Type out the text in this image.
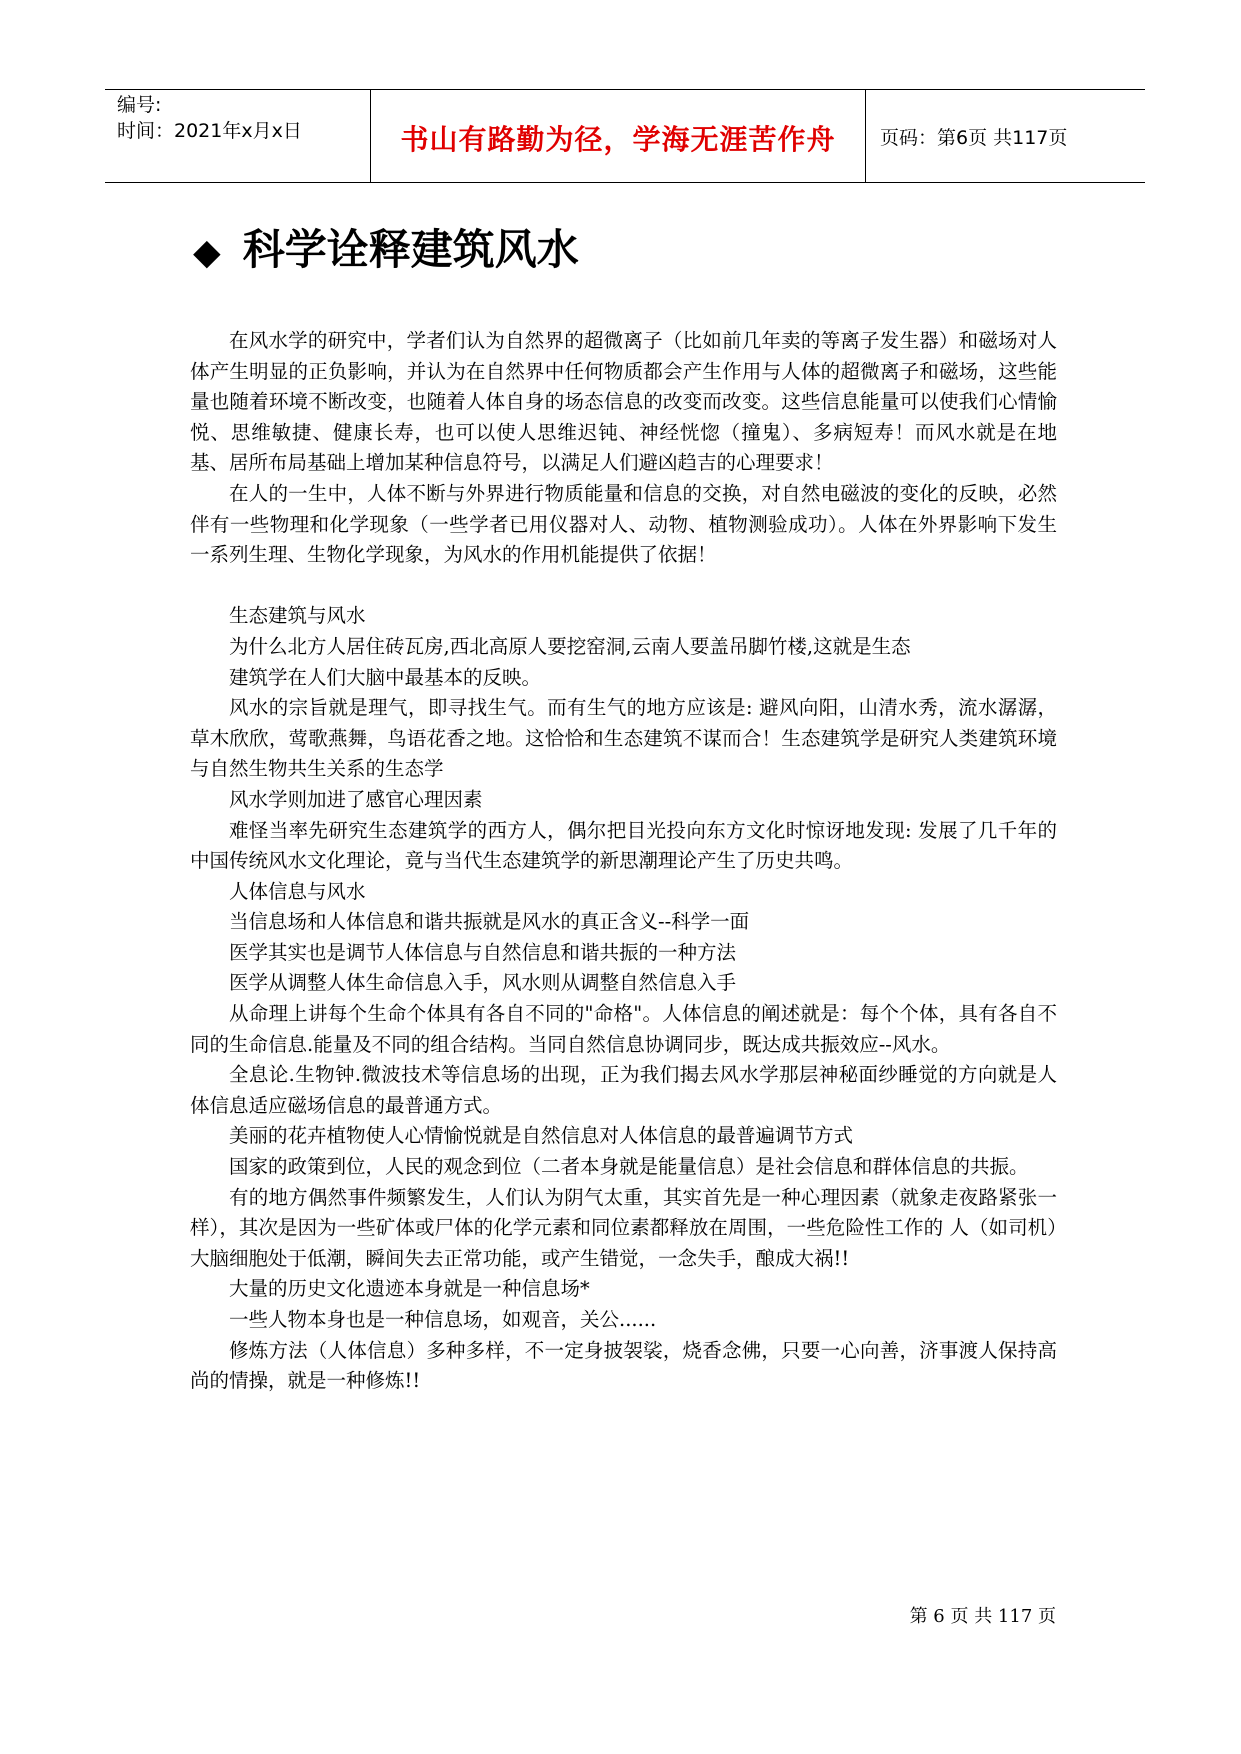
编号:
时间：2021年x月x日	书山有路勤为径，学海无涯苦作舟	页码：第6页 共117页
◆ 科学诠释建筑风水

在风水学的研究中，学者们认为自然界的超微离子（比如前几年卖的等离子发生器）和磁场对人体产生明显的正负影响，并认为在自然界中任何物质都会产生作用与人体的超微离子和磁场，这些能量也随着环境不断改变，也随着人体自身的场态信息的改变而改变。这些信息能量可以使我们心情愉悦、思维敏捷、健康长寿，也可以使人思维迟钝、神经恍惚（撞鬼）、多病短寿！而风水就是在地基、居所布局基础上增加某种信息符号，以满足人们避凶趋吉的心理要求！

在人的一生中，人体不断与外界进行物质能量和信息的交换，对自然电磁波的变化的反映，必然伴有一些物理和化学现象（一些学者已用仪器对人、动物、植物测验成功）。人体在外界影响下发生一系列生理、生物化学现象，为风水的作用机能提供了依据！

生态建筑与风水

为什么北方人居住砖瓦房,西北高原人要挖窑洞,云南人要盖吊脚竹楼,这就是生态

建筑学在人们大脑中最基本的反映。

风水的宗旨就是理气，即寻找生气。而有生气的地方应该是: 避风向阳，山清水秀，流水潺潺，草木欣欣，莺歌燕舞，鸟语花香之地。这恰恰和生态建筑不谋而合！生态建筑学是研究人类建筑环境与自然生物共生关系的生态学

风水学则加进了感官心理因素

难怪当率先研究生态建筑学的西方人，偶尔把目光投向东方文化时惊讶地发现: 发展了几千年的中国传统风水文化理论，竟与当代生态建筑学的新思潮理论产生了历史共鸣。

人体信息与风水

当信息场和人体信息和谐共振就是风水的真正含义--科学一面

医学其实也是调节人体信息与自然信息和谐共振的一种方法

医学从调整人体生命信息入手，风水则从调整自然信息入手

从命理上讲每个生命个体具有各自不同的"命格"。人体信息的阐述就是：每个个体，具有各自不同的生命信息.能量及不同的组合结构。当同自然信息协调同步，既达成共振效应--风水。

全息论.生物钟.微波技术等信息场的出现，正为我们揭去风水学那层神秘面纱睡觉的方向就是人体信息适应磁场信息的最普通方式。

美丽的花卉植物使人心情愉悦就是自然信息对人体信息的最普遍调节方式

国家的政策到位，人民的观念到位（二者本身就是能量信息）是社会信息和群体信息的共振。

有的地方偶然事件频繁发生，人们认为阴气太重，其实首先是一种心理因素（就象走夜路紧张一样），其次是因为一些矿体或尸体的化学元素和同位素都释放在周围，一些危险性工作的 人（如司机）大脑细胞处于低潮，瞬间失去正常功能，或产生错觉，一念失手，酿成大祸!!

大量的历史文化遗迹本身就是一种信息场*

一些人物本身也是一种信息场，如观音，关公......

修炼方法（人体信息）多种多样，不一定身披袈裟，烧香念佛，只要一心向善，济事渡人保持高尚的情操，就是一种修炼!!

第 6 页 共 117 页
